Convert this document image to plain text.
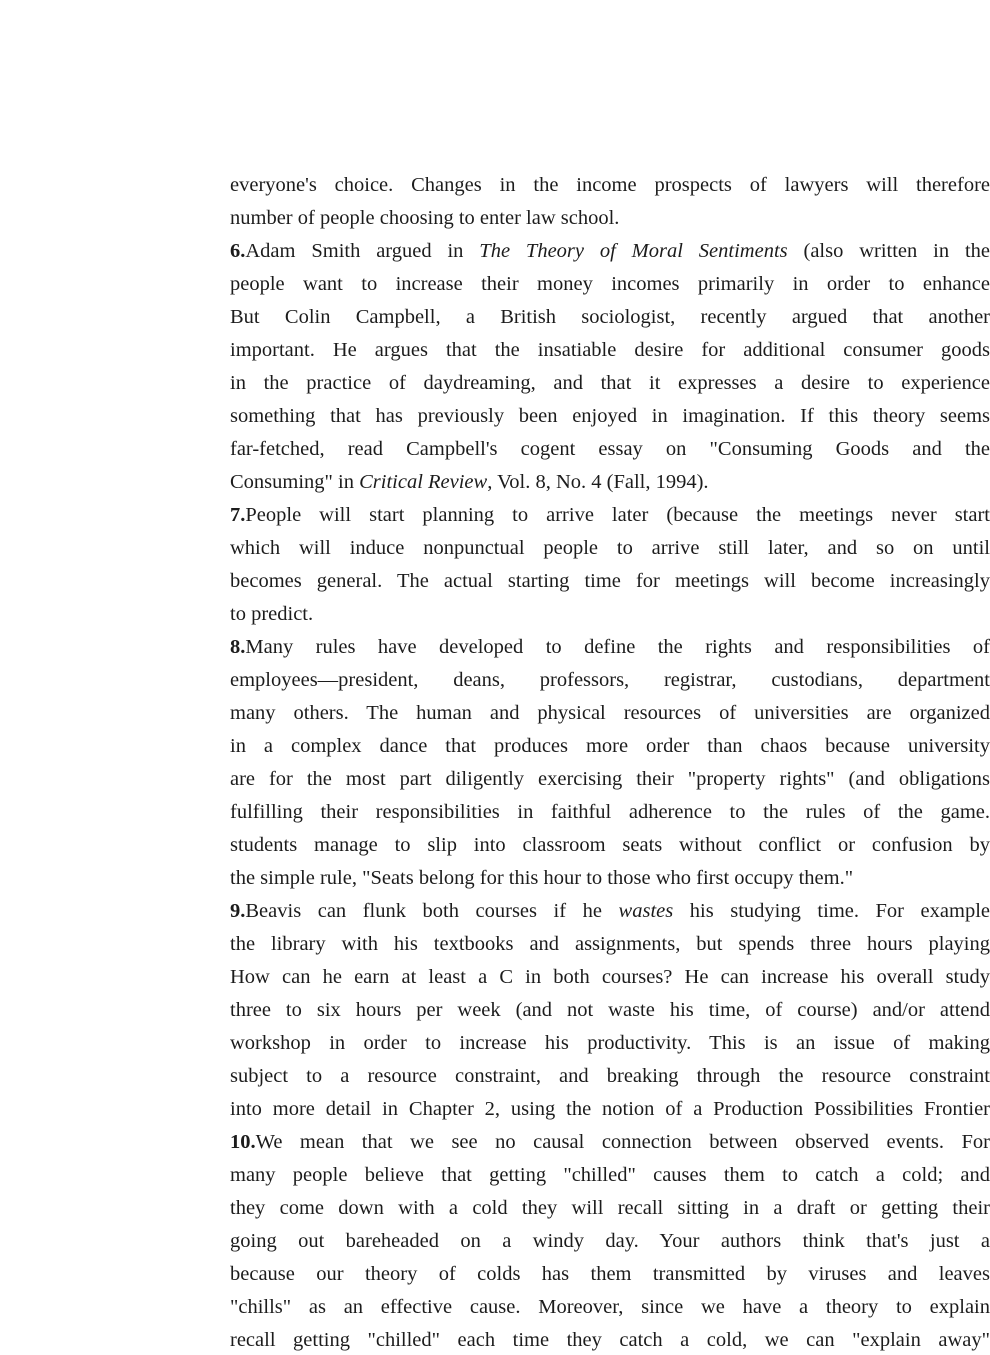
everyone's choice. Changes in the income prospects of lawyers will therefore
number of people choosing to enter law school.
6.Adam Smith argued in The Theory of Moral Sentiments (also written in the
people want to increase their money incomes primarily in order to enhance
But Colin Campbell, a British sociologist, recently argued that another
important. He argues that the insatiable desire for additional consumer goods
in the practice of daydreaming, and that it expresses a desire to experience
something that has previously been enjoyed in imagination. If this theory seems
far-fetched, read Campbell's cogent essay on "Consuming Goods and the
Consuming" in Critical Review, Vol. 8, No. 4 (Fall, 1994).
7.People will start planning to arrive later (because the meetings never start
which will induce nonpunctual people to arrive still later, and so on until
becomes general. The actual starting time for meetings will become increasingly
to predict.
8.Many rules have developed to define the rights and responsibilities of
employees—president, deans, professors, registrar, custodians, department
many others. The human and physical resources of universities are organized
in a complex dance that produces more order than chaos because university
are for the most part diligently exercising their "property rights" (and obligations
fulfilling their responsibilities in faithful adherence to the rules of the game.
students manage to slip into classroom seats without conflict or confusion by
the simple rule, "Seats belong for this hour to those who first occupy them."
9.Beavis can flunk both courses if he wastes his studying time. For example
the library with his textbooks and assignments, but spends three hours playing
How can he earn at least a C in both courses? He can increase his overall study
three to six hours per week (and not waste his time, of course) and/or attend
workshop in order to increase his productivity. This is an issue of making
subject to a resource constraint, and breaking through the resource constraint
into more detail in Chapter 2, using the notion of a Production Possibilities Frontier
10.We mean that we see no causal connection between observed events. For
many people believe that getting "chilled" causes them to catch a cold; and
they come down with a cold they will recall sitting in a draft or getting their
going out bareheaded on a windy day. Your authors think that's just a
because our theory of colds has them transmitted by viruses and leaves
"chills" as an effective cause. Moreover, since we have a theory to explain
recall getting "chilled" each time they catch a cold, we can "explain away"
